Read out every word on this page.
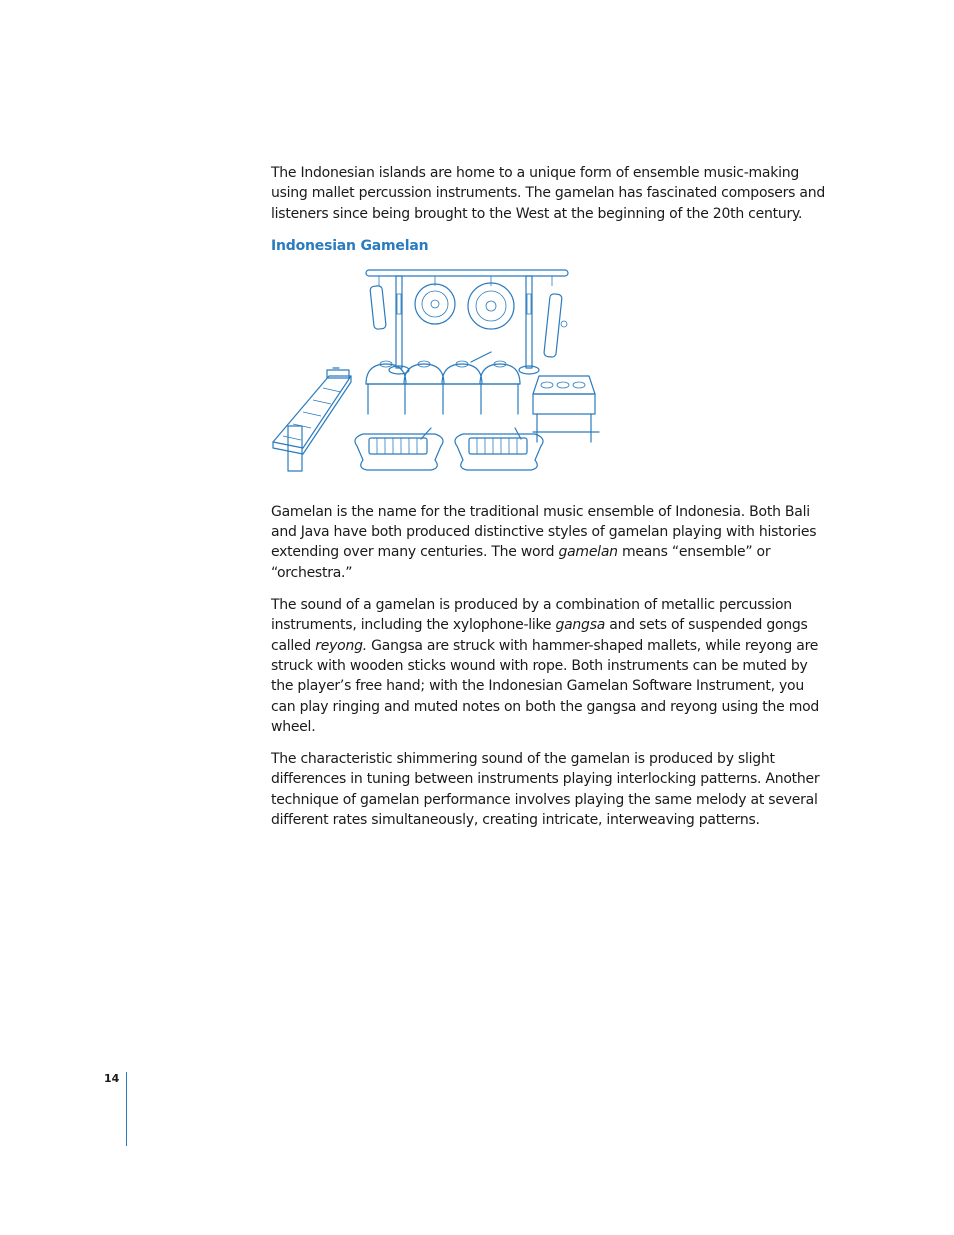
The Indonesian islands are home to a unique form of ensemble music-making using mallet percussion instruments. The gamelan has fascinated composers and listeners since being brought to the West at the beginning of the 20th century.

Indonesian Gamelan

Gamelan is the name for the traditional music ensemble of Indonesia. Both Bali and Java have both produced distinctive styles of gamelan playing with histories extending over many centuries. The word gamelan means “ensemble” or “orchestra.”

The sound of a gamelan is produced by a combination of metallic percussion instruments, including the xylophone-like gangsa and sets of suspended gongs called reyong. Gangsa are struck with hammer-shaped mallets, while reyong are struck with wooden sticks wound with rope. Both instruments can be muted by the player’s free hand; with the Indonesian Gamelan Software Instrument, you can play ringing and muted notes on both the gangsa and reyong using the mod wheel.

The characteristic shimmering sound of the gamelan is produced by slight differences in tuning between instruments playing interlocking patterns. Another technique of gamelan performance involves playing the same melody at several different rates simultaneously, creating intricate, interweaving patterns.

14
